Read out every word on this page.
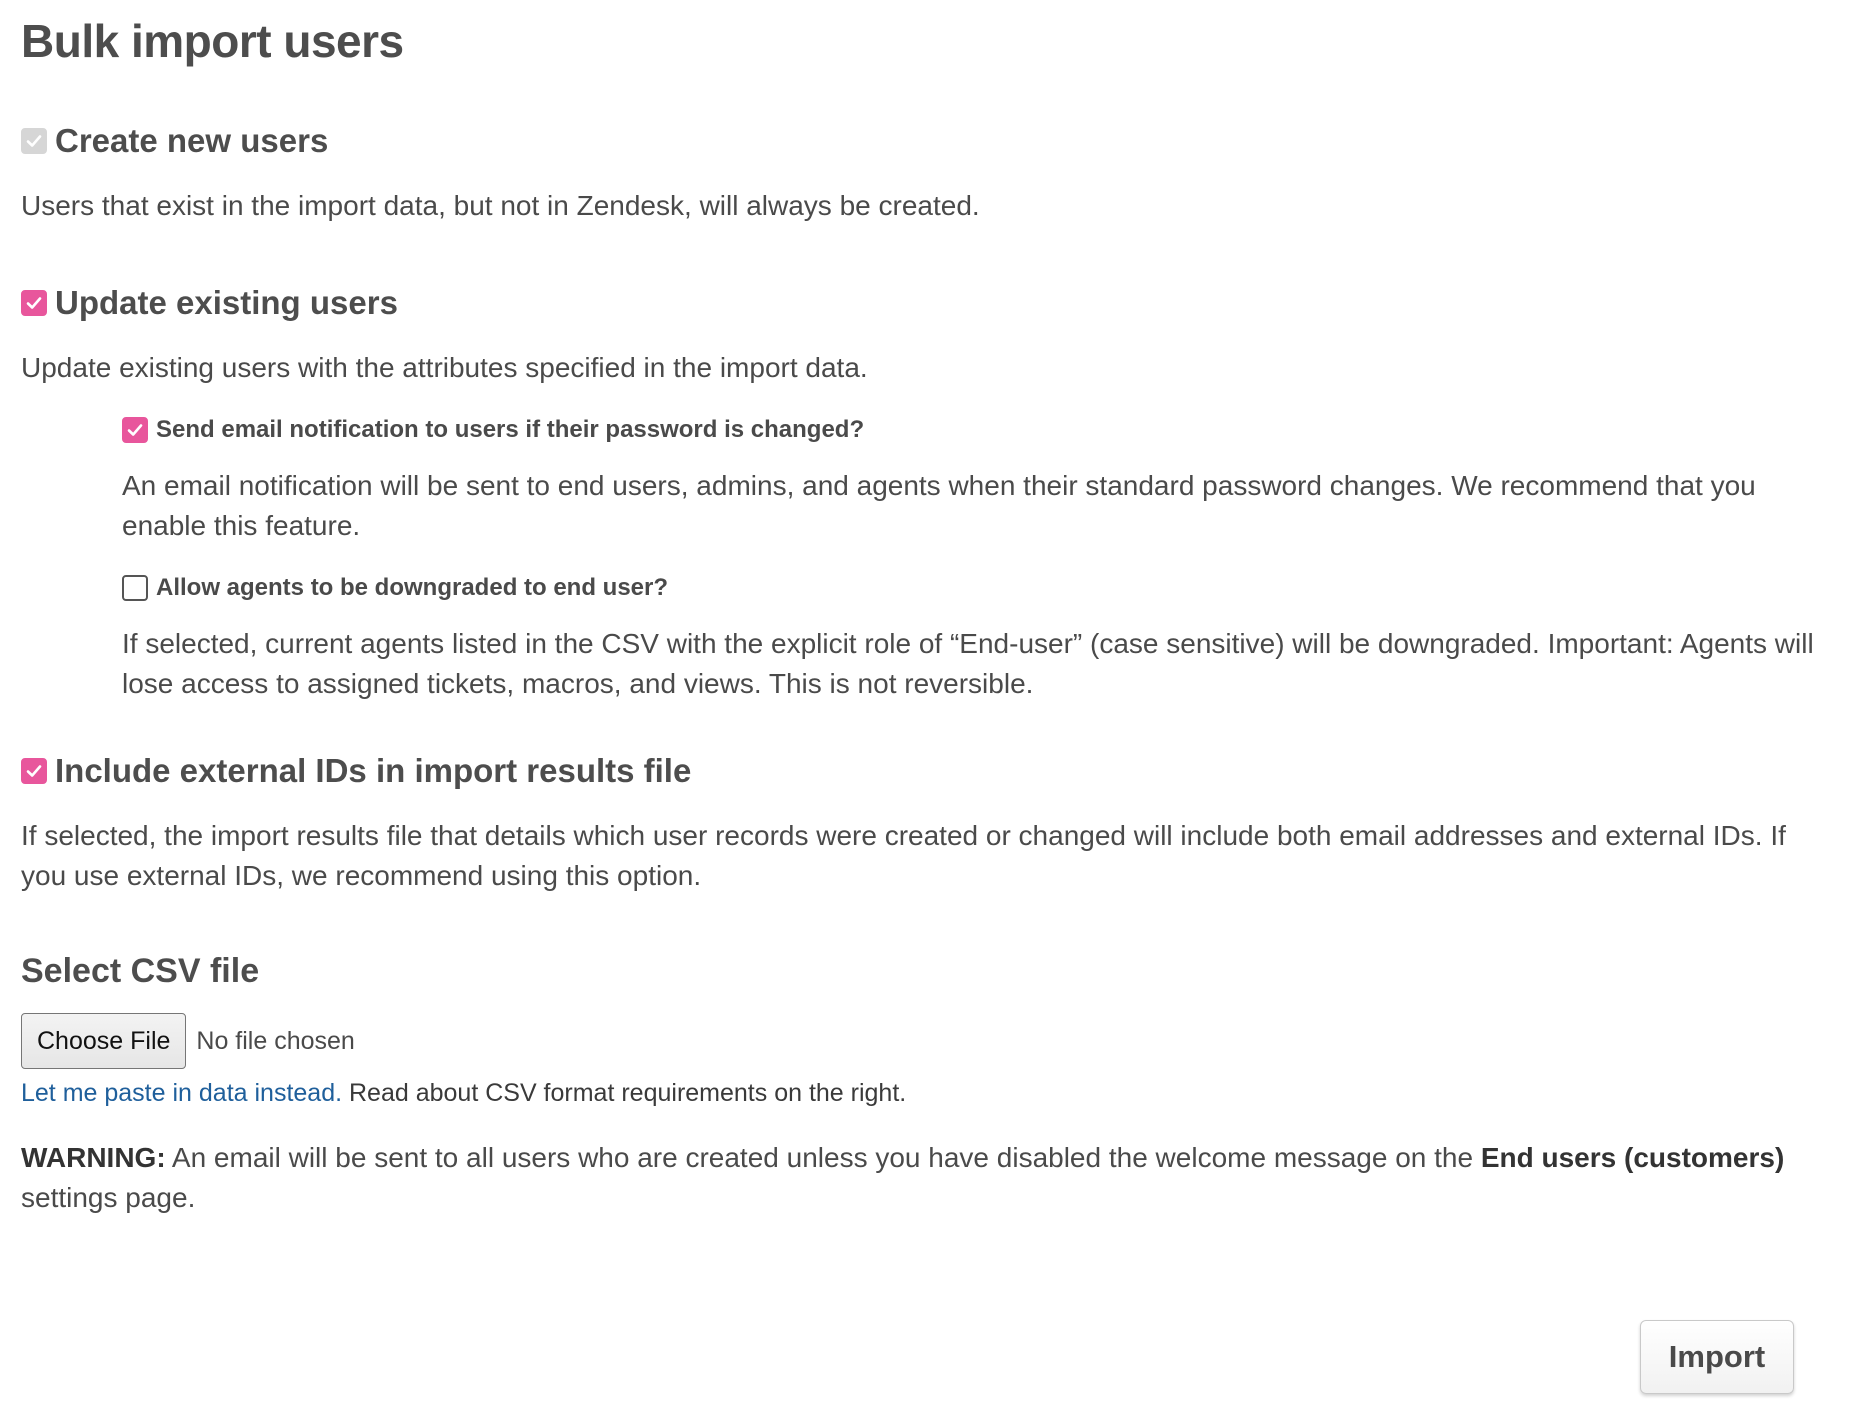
Bulk import users
Create new users
Users that exist in the import data, but not in Zendesk, will always be created.
Update existing users
Update existing users with the attributes specified in the import data.
Send email notification to users if their password is changed?
An email notification will be sent to end users, admins, and agents when their standard password changes. We recommend that you enable this feature.
Allow agents to be downgraded to end user?
If selected, current agents listed in the CSV with the explicit role of “End-user” (case sensitive) will be downgraded. Important: Agents will lose access to assigned tickets, macros, and views. This is not reversible.
Include external IDs in import results file
If selected, the import results file that details which user records were created or changed will include both email addresses and external IDs. If you use external IDs, we recommend using this option.
Select CSV file
Choose File	No file chosen
Let me paste in data instead. Read about CSV format requirements on the right.
WARNING: An email will be sent to all users who are created unless you have disabled the welcome message on the End users (customers) settings page.
Import
